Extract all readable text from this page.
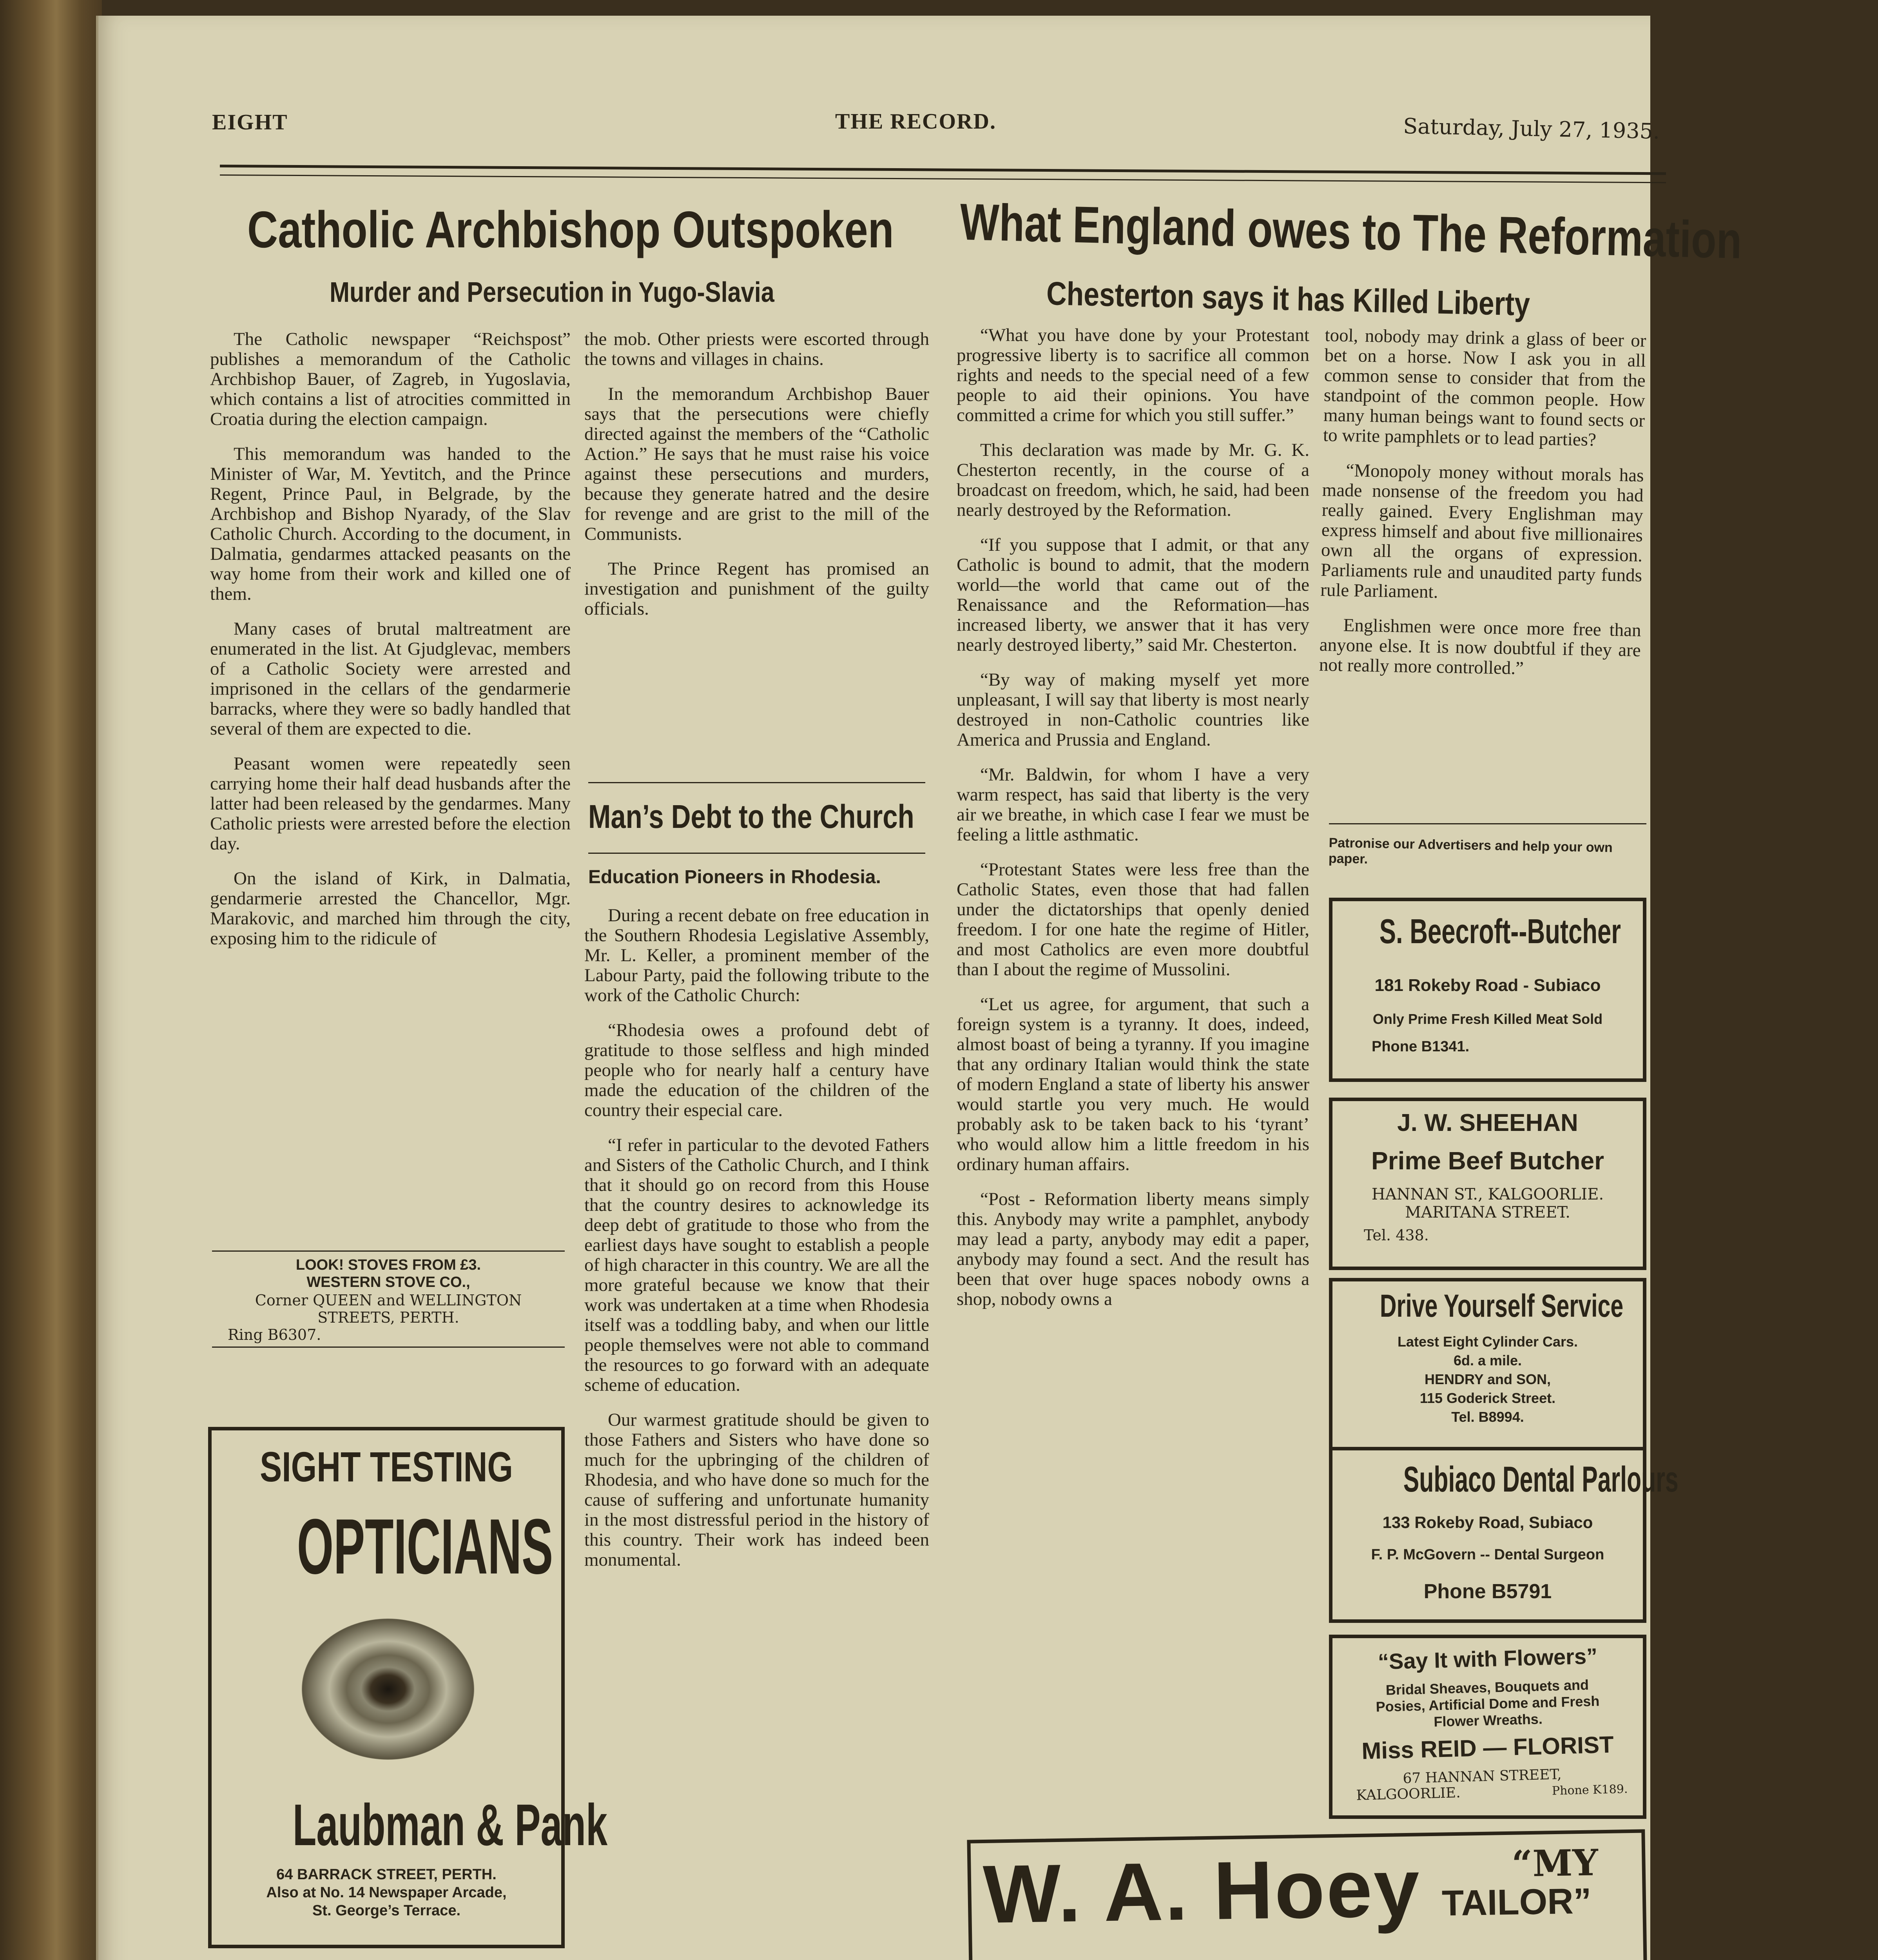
EIGHT	THE RECORD.	Saturday, July 27, 1935.
Catholic Archbishop Outspoken
Murder and Persecution in Yugo-Slavia

The Catholic newspaper “Reichspost” publishes a memorandum of the Catholic Archbishop Bauer, of Zagreb, in Yugoslavia, which contains a list of atrocities committed in Croatia during the election campaign.

This memorandum was handed to the Minister of War, M. Yevtitch, and the Prince Regent, Prince Paul, in Belgrade, by the Archbishop and Bishop Nyarady, of the Slav Catholic Church. According to the document, in Dalmatia, gendarmes attacked peasants on the way home from their work and killed one of them.

Many cases of brutal maltreatment are enumerated in the list. At Gjudglevac, members of a Catholic Society were arrested and imprisoned in the cellars of the gendarmerie barracks, where they were so badly handled that several of them are expected to die.

Peasant women were repeatedly seen carrying home their half dead husbands after the latter had been released by the gendarmes. Many Catholic priests were arrested before the election day.

On the island of Kirk, in Dalmatia, gendarmerie arrested the Chancellor, Mgr. Marakovic, and marched him through the city, exposing him to the ridicule of

the mob. Other priests were escorted through the towns and villages in chains.

In the memorandum Archbishop Bauer says that the persecutions were chiefly directed against the members of the “Catholic Action.” He says that he must raise his voice against these persecutions and murders, because they generate hatred and the desire for revenge and are grist to the mill of the Communists.

The Prince Regent has promised an investigation and punishment of the guilty officials.

LOOK! STOVES FROM £3.
WESTERN STOVE CO.,
Corner QUEEN and WELLINGTON
STREETS, PERTH.
Ring B6307.
SIGHT TESTING
OPTICIANS
Laubman & Pank
64 BARRACK STREET, PERTH.
Also at No. 14 Newspaper Arcade,
St. George’s Terrace.
Man’s Debt to the Church
Education Pioneers in Rhodesia.

During a recent debate on free education in the Southern Rhodesia Legislative Assembly, Mr. L. Keller, a prominent member of the Labour Party, paid the following tribute to the work of the Catholic Church:

“Rhodesia owes a profound debt of gratitude to those selfless and high minded people who for nearly half a century have made the education of the children of the country their especial care.

“I refer in particular to the devoted Fathers and Sisters of the Catholic Church, and I think that it should go on record from this House that the country desires to acknowledge its deep debt of gratitude to those who from the earliest days have sought to establish a people of high character in this country. We are all the more grateful because we know that their work was undertaken at a time when Rhodesia itself was a toddling baby, and when our little people themselves were not able to command the resources to go forward with an adequate scheme of education.

Our warmest gratitude should be given to those Fathers and Sisters who have done so much for the upbringing of the children of Rhodesia, and who have done so much for the cause of suffering and unfortunate humanity in the most distressful period in the history of this country. Their work has indeed been monumental.

What England owes to The Reformation
Chesterton says it has Killed Liberty

“What you have done by your Protestant progressive liberty is to sacrifice all common rights and needs to the special need of a few people to aid their opinions. You have committed a crime for which you still suffer.”

This declaration was made by Mr. G. K. Chesterton recently, in the course of a broadcast on freedom, which, he said, had been nearly destroyed by the Reformation.

“If you suppose that I admit, or that any Catholic is bound to admit, that the modern world—the world that came out of the Renaissance and the Reformation—has increased liberty, we answer that it has very nearly destroyed liberty,” said Mr. Chesterton.

“By way of making myself yet more unpleasant, I will say that liberty is most nearly destroyed in non-Catholic countries like America and Prussia and England.

“Mr. Baldwin, for whom I have a very warm respect, has said that liberty is the very air we breathe, in which case I fear we must be feeling a little asthmatic.

“Protestant States were less free than the Catholic States, even those that had fallen under the dictatorships that openly denied freedom. I for one hate the regime of Hitler, and most Catholics are even more doubtful than I about the regime of Mussolini.

“Let us agree, for argument, that such a foreign system is a tyranny. It does, indeed, almost boast of being a tyranny. If you imagine that any ordinary Italian would think the state of modern England a state of liberty his answer would startle you very much. He would probably ask to be taken back to his ‘tyrant’ who would allow him a little freedom in his ordinary human affairs.

“Post - Reformation liberty means simply this. Anybody may write a pamphlet, anybody may lead a party, anybody may edit a paper, anybody may found a sect. And the result has been that over huge spaces nobody owns a shop, nobody owns a

tool, nobody may drink a glass of beer or bet on a horse. Now I ask you in all common sense to consider that from the standpoint of the common people. How many human beings want to found sects or to write pamphlets or to lead parties?

“Monopoly money without morals has made nonsense of the freedom you had really gained. Every Englishman may express himself and about five millionaires own all the organs of expression. Parliaments rule and unaudited party funds rule Parliament.

Englishmen were once more free than anyone else. It is now doubtful if they are not really more controlled.”

Patronise our Advertisers and help your own paper.
S. Beecroft--Butcher
181 Rokeby Road - Subiaco
Only Prime Fresh Killed Meat Sold
Phone B1341.
J. W. SHEEHAN
Prime Beef Butcher
HANNAN ST., KALGOORLIE.
MARITANA STREET.
Tel. 438.
Drive Yourself Service
Latest Eight Cylinder Cars.
6d. a mile.
HENDRY and SON,
115 Goderick Street.
Tel. B8994.
Subiaco Dental Parlours
133 Rokeby Road, Subiaco
F. P. McGovern -- Dental Surgeon
Phone B5791
“Say It with Flowers”
Bridal Sheaves, Bouquets and
Posies, Artificial Dome and Fresh
Flower Wreaths.
Miss REID — FLORIST
67 HANNAN STREET,
KALGOORLIE.	Phone K189.
W. A. Hoey “MY
TAILOR”
